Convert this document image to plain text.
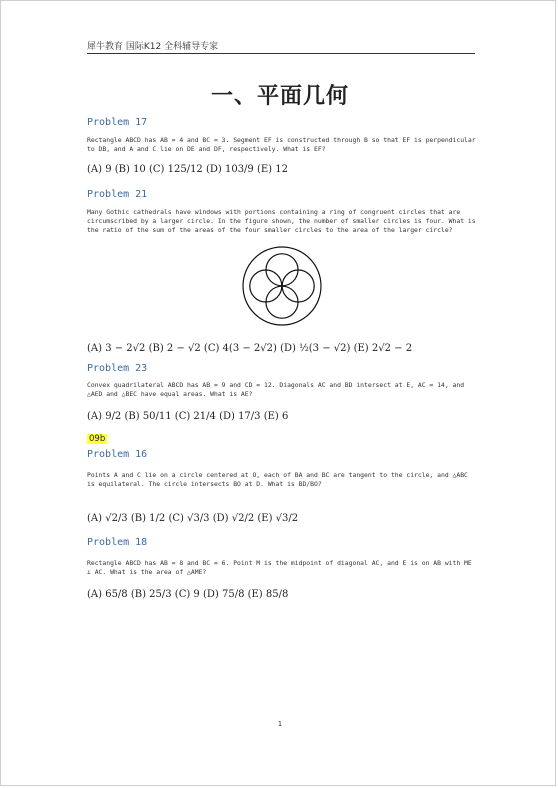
犀牛教育 国际K12 全科辅导专家
一、平面几何
Problem 17
Rectangle ABCD has AB = 4 and BC = 3. Segment EF is constructed through B so that EF is perpendicular to DB, and A and C lie on DE and DF, respectively. What is EF?
(A) 9 (B) 10 (C) 125/12 (D) 103/9 (E) 12
Problem 21
Many Gothic cathedrals have windows with portions containing a ring of congruent circles that are circumscribed by a larger circle. In the figure shown, the number of smaller circles is four. What is the ratio of the sum of the areas of the four smaller circles to the area of the larger circle?
(A) 3 − 2√2 (B) 2 − √2 (C) 4(3 − 2√2) (D) ½(3 − √2) (E) 2√2 − 2
Problem 23
Convex quadrilateral ABCD has AB = 9 and CD = 12. Diagonals AC and BD intersect at E, AC = 14, and △AED and △BEC have equal areas. What is AE?
(A) 9/2 (B) 50/11 (C) 21/4 (D) 17/3 (E) 6
09b
Problem 16
Points A and C lie on a circle centered at O, each of BA and BC are tangent to the circle, and △ABC is equilateral. The circle intersects BO at D. What is BD/BO?
(A) √2/3 (B) 1/2 (C) √3/3 (D) √2/2 (E) √3/2
Problem 18
Rectangle ABCD has AB = 8 and BC = 6. Point M is the midpoint of diagonal AC, and E is on AB with ME ⊥ AC. What is the area of △AME?
(A) 65/8 (B) 25/3 (C) 9 (D) 75/8 (E) 85/8
1
